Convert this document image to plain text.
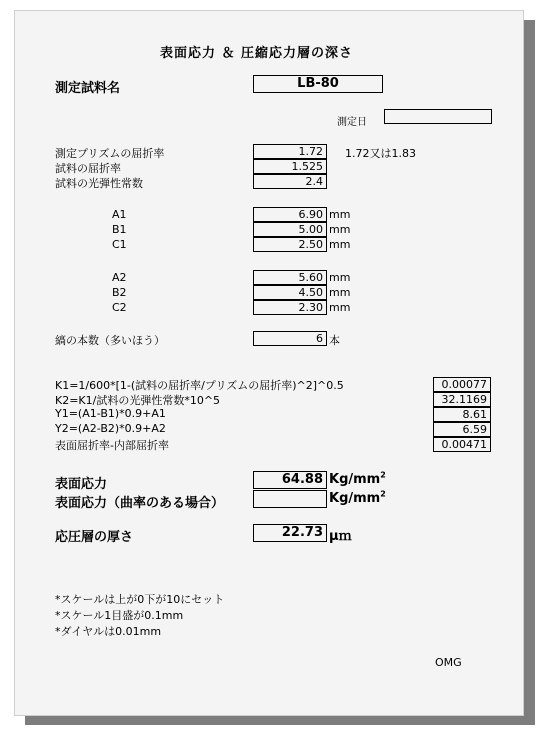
表面応力 ＆ 圧縮応力層の深さ
測定試料名	LB-80
測定日
測定プリズムの屈折率	1.72	1.72又は1.83
試料の屈折率	1.525
試料の光弾性常数	2.4
A1	6.90 mm
B1	5.00 mm
C1	2.50 mm
A2	5.60 mm
B2	4.50 mm
C2	2.30 mm
縞の本数（多いほう）	6 本
K1=1/600*[1-(試料の屈折率/プリズムの屈折率)^2]^0.5	0.00077
K2=K1/試料の光弾性常数*10^5	32.1169
Y1=(A1-B1)*0.9+A1	8.61
Y2=(A2-B2)*0.9+A2	6.59
表面屈折率-内部屈折率	0.00471
表面応力	64.88 $Kg/mm^2$
表面応力（曲率のある場合）	$Kg/mm^2$
応圧層の厚さ	22.73 μｍ
*スケールは上が0下が10にセット
*スケール1目盛が0.1mm
*ダイヤルは0.01mm
OMG
